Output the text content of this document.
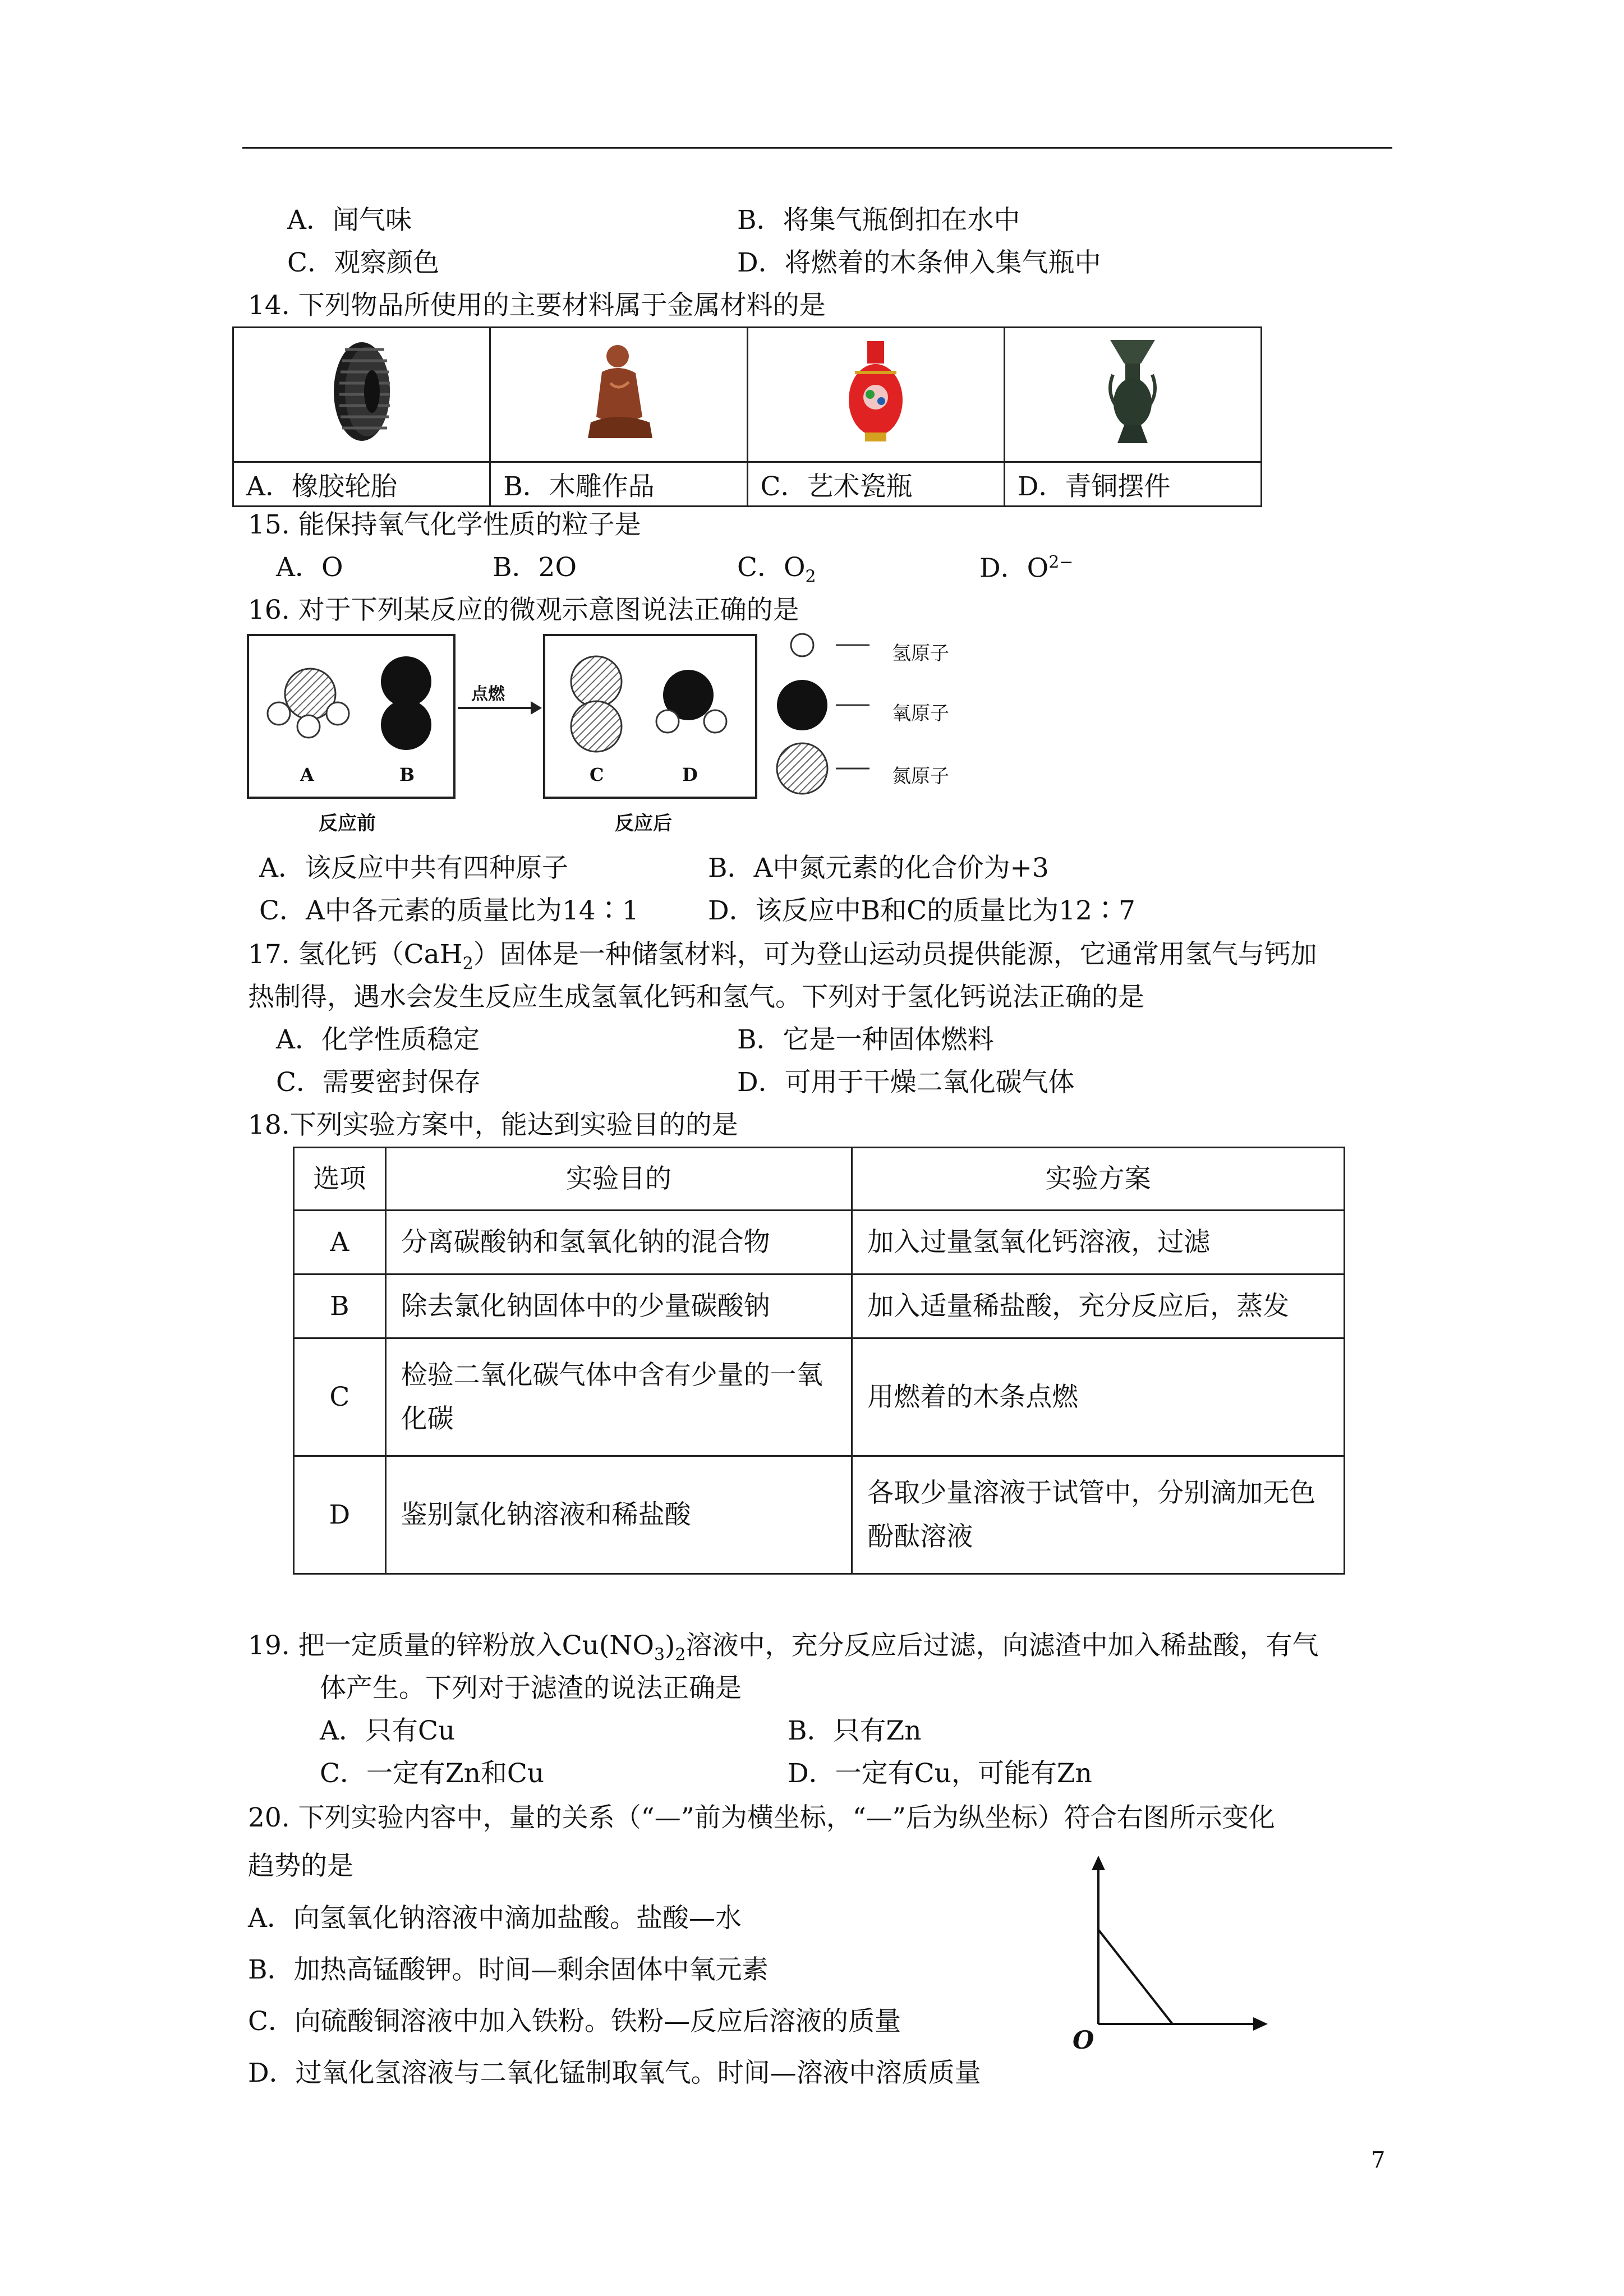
A．闻气味	B．将集气瓶倒扣在水中
C．观察颜色	D．将燃着的木条伸入集气瓶中
14. 下列物品所使用的主要材料属于金属材料的是

A．橡胶轮胎	B．木雕作品	C．艺术瓷瓶	D．青铜摆件
15. 能保持氧气化学性质的粒子是
A．O	B．2O	C．$O_2$	D．$O^{2-}$
16. 对于下列某反应的微观示意图说法正确的是
点燃
A	B	C	D
反应前	反应后
氢原子
氧原子
氮原子
A．该反应中共有四种原子	B．A中氮元素的化合价为+3
C．A中各元素的质量比为14∶1	D．该反应中B和C的质量比为12∶7
17. 氢化钙（CaH$_2$）固体是一种储氢材料，可为登山运动员提供能源，它通常用氢气与钙加
热制得，遇水会发生反应生成氢氧化钙和氢气。下列对于氢化钙说法正确的是
A．化学性质稳定	B．它是一种固体燃料
C．需要密封保存	D．可用于干燥二氧化碳气体
18.下列实验方案中，能达到实验目的的是
选项	实验目的	实验方案
A	分离碳酸钠和氢氧化钠的混合物	加入过量氢氧化钙溶液，过滤
B	除去氯化钠固体中的少量碳酸钠	加入适量稀盐酸，充分反应后，蒸发
C	检验二氧化碳气体中含有少量的一氧化碳	用燃着的木条点燃
D	鉴别氯化钠溶液和稀盐酸	各取少量溶液于试管中，分别滴加无色酚酞溶液
19. 把一定质量的锌粉放入$Cu(NO_3)_2$溶液中，充分反应后过滤，向滤渣中加入稀盐酸，有气
体产生。下列对于滤渣的说法正确是
A．只有Cu	B．只有Zn
C．一定有Zn和Cu	D．一定有Cu，可能有Zn
20. 下列实验内容中，量的关系（“—”前为横坐标，“—”后为纵坐标）符合右图所示变化
趋势的是
A．向氢氧化钠溶液中滴加盐酸。盐酸—水
B．加热高锰酸钾。时间—剩余固体中氧元素
C．向硫酸铜溶液中加入铁粉。铁粉—反应后溶液的质量
D．过氧化氢溶液与二氧化锰制取氧气。时间—溶液中溶质质量
O
7
